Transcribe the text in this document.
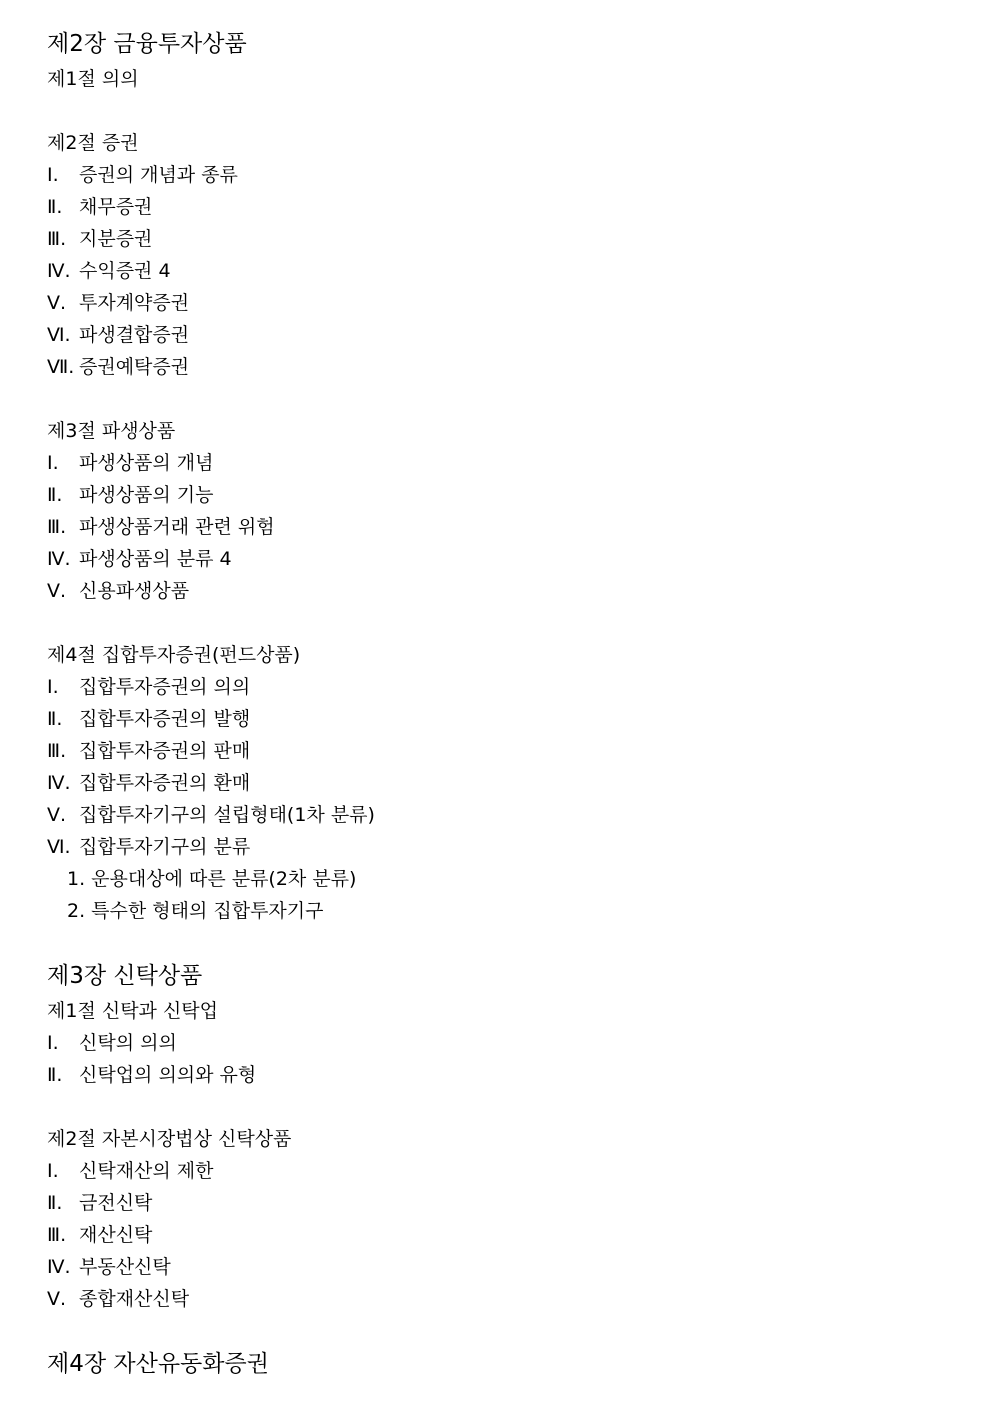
제2장 금융투자상품
제1절 의의
제2절 증권
Ⅰ. 증권의 개념과 종류
Ⅱ. 채무증권
Ⅲ. 지분증권
Ⅳ. 수익증권 4
Ⅴ. 투자계약증권
Ⅵ. 파생결합증권
Ⅶ. 증권예탁증권
제3절 파생상품
Ⅰ. 파생상품의 개념
Ⅱ. 파생상품의 기능
Ⅲ. 파생상품거래 관련 위험
Ⅳ. 파생상품의 분류 4
Ⅴ. 신용파생상품
제4절 집합투자증권(펀드상품)
Ⅰ. 집합투자증권의 의의
Ⅱ. 집합투자증권의 발행
Ⅲ. 집합투자증권의 판매
Ⅳ. 집합투자증권의 환매
Ⅴ. 집합투자기구의 설립형태(1차 분류)
Ⅵ. 집합투자기구의 분류
1. 운용대상에 따른 분류(2차 분류)
2. 특수한 형태의 집합투자기구
제3장 신탁상품
제1절 신탁과 신탁업
Ⅰ. 신탁의 의의
Ⅱ. 신탁업의 의의와 유형
제2절 자본시장법상 신탁상품
Ⅰ. 신탁재산의 제한
Ⅱ. 금전신탁
Ⅲ. 재산신탁
Ⅳ. 부동산신탁
Ⅴ. 종합재산신탁
제4장 자산유동화증권
